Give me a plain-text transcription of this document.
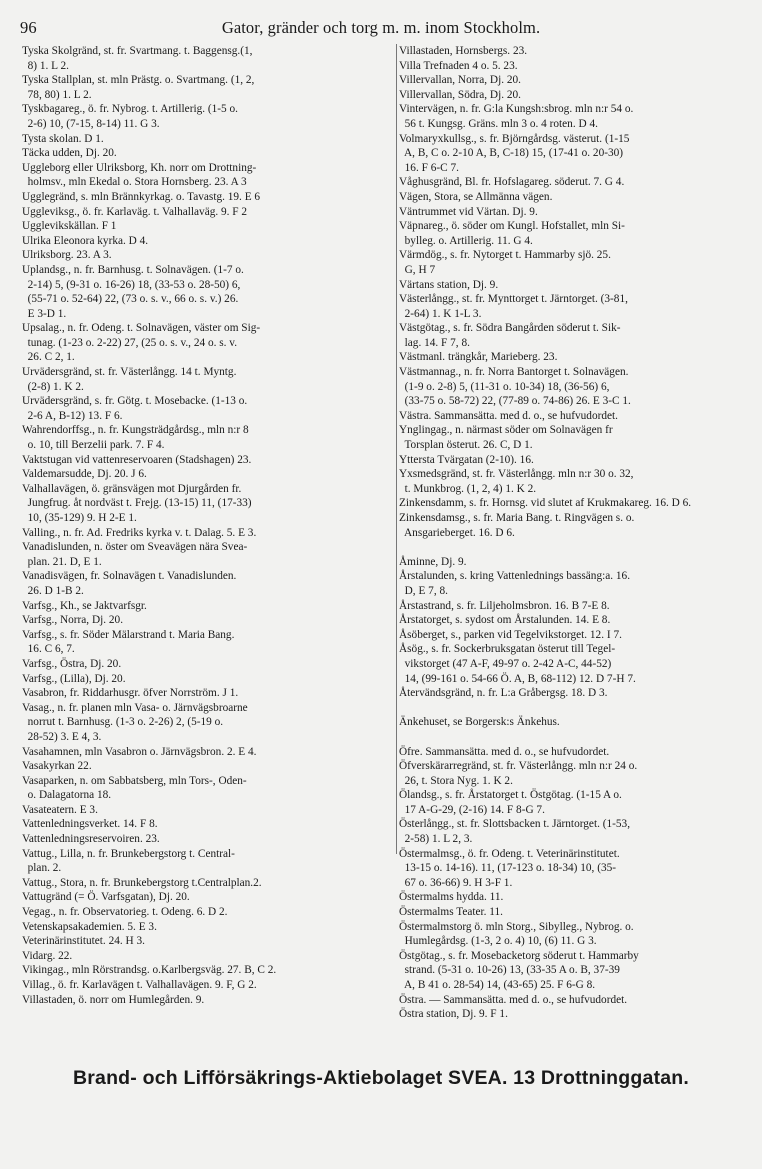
96	Gator, gränder och torg m. m. inom Stockholm.
Tyska Skolgränd, st. fr. Svartmang. t. Baggensg.(1,
8) 1. L 2.
Tyska Stallplan, st. mln Prästg. o. Svartmang. (1, 2,
78, 80) 1. L 2.
Tyskbagareg., ö. fr. Nybrog. t. Artillerig. (1-5 o.
2-6) 10, (7-15, 8-14) 11. G 3.
Tysta skolan. D 1.
Täcka udden, Dj. 20.
Uggleborg eller Ulriksborg, Kh. norr om Drottning-
holmsv., mln Ekedal o. Stora Hornsberg. 23. A 3
Ugglegränd, s. mln Brännkyrkag. o. Tavastg. 19. E 6
Uggleviksg., ö. fr. Karlaväg. t. Valhallaväg. 9. F 2
Ugglevikskällan. F 1
Ulrika Eleonora kyrka. D 4.
Ulriksborg. 23. A 3.
Uplandsg., n. fr. Barnhusg. t. Solnavägen. (1-7 o.
2-14) 5, (9-31 o. 16-26) 18, (33-53 o. 28-50) 6,
(55-71 o. 52-64) 22, (73 o. s. v., 66 o. s. v.) 26.
E 3-D 1.
Upsalag., n. fr. Odeng. t. Solnavägen, väster om Sig-
tunag. (1-23 o. 2-22) 27, (25 o. s. v., 24 o. s. v.
26. C 2, 1.
Urvädersgränd, st. fr. Västerlångg. 14 t. Myntg.
(2-8) 1. K 2.
Urvädersgränd, s. fr. Götg. t. Mosebacke. (1-13 o.
2-6 A, B-12) 13. F 6.
Wahrendorffsg., n. fr. Kungsträdgårdsg., mln n:r 8
o. 10, till Berzelii park. 7. F 4.
Vaktstugan vid vattenreservoaren (Stadshagen) 23.
Valdemarsudde, Dj. 20. J 6.
Valhallavägen, ö. gränsvägen mot Djurgården fr.
Jungfrug. åt nordväst t. Frejg. (13-15) 11, (17-33)
10, (35-129) 9. H 2-E 1.
Valling., n. fr. Ad. Fredriks kyrka v. t. Dalag. 5. E 3.
Vanadislunden, n. öster om Sveavägen nära Svea-
plan. 21. D, E 1.
Vanadisvägen, fr. Solnavägen t. Vanadislunden.
26. D 1-B 2.
Varfsg., Kh., se Jaktvarfsgr.
Varfsg., Norra, Dj. 20.
Varfsg., s. fr. Söder Mälarstrand t. Maria Bang.
16. C 6, 7.
Varfsg., Östra, Dj. 20.
Varfsg., (Lilla), Dj. 20.
Vasabron, fr. Riddarhusgr. öfver Norrström. J 1.
Vasag., n. fr. planen mln Vasa- o. Järnvägsbroarne
norrut t. Barnhusg. (1-3 o. 2-26) 2, (5-19 o.
28-52) 3. E 4, 3.
Vasahamnen, mln Vasabron o. Järnvägsbron. 2. E 4.
Vasakyrkan 22.
Vasaparken, n. om Sabbatsberg, mln Tors-, Oden-
o. Dalagatorna 18.
Vasateatern. E 3.
Vattenledningsverket. 14. F 8.
Vattenledningsreservoiren. 23.
Vattug., Lilla, n. fr. Brunkebergstorg t. Central-
plan. 2.
Vattug., Stora, n. fr. Brunkebergstorg t.Centralplan.2.
Vattugränd (= Ö. Varfsgatan), Dj. 20.
Vegag., n. fr. Observatorieg. t. Odeng. 6. D 2.
Vetenskapsakademien. 5. E 3.
Veterinärinstitutet. 24. H 3.
Vidarg. 22.
Vikingag., mln Rörstrandsg. o.Karlbergsväg. 27. B, C 2.
Villag., ö. fr. Karlavägen t. Valhallavägen. 9. F, G 2.
Villastaden, ö. norr om Humlegården. 9.
Villastaden, Hornsbergs. 23.
Villa Trefnaden 4 o. 5. 23.
Villervallan, Norra, Dj. 20.
Villervallan, Södra, Dj. 20.
Vintervägen, n. fr. G:la Kungsh:sbrog. mln n:r 54 o.
56 t. Kungsg. Gräns. mln 3 o. 4 roten. D 4.
Volmaryxkullsg., s. fr. Björngårdsg. västerut. (1-15
A, B, C o. 2-10 A, B, C-18) 15, (17-41 o. 20-30)
16. F 6-C 7.
Våghusgränd, Bl. fr. Hofslagareg. söderut. 7. G 4.
Vägen, Stora, se Allmänna vägen.
Väntrummet vid Värtan. Dj. 9.
Väpnareg., ö. söder om Kungl. Hofstallet, mln Si-
bylleg. o. Artillerig. 11. G 4.
Värmdög., s. fr. Nytorget t. Hammarby sjö. 25.
G, H 7
Värtans station, Dj. 9.
Västerlångg., st. fr. Mynttorget t. Järntorget. (3-81,
2-64) 1. K 1-L 3.
Västgötag., s. fr. Södra Bangården söderut t. Sik-
lag. 14. F 7, 8.
Västmanl. trängkår, Marieberg. 23.
Västmannag., n. fr. Norra Bantorget t. Solnavägen.
(1-9 o. 2-8) 5, (11-31 o. 10-34) 18, (36-56) 6,
(33-75 o. 58-72) 22, (77-89 o. 74-86) 26. E 3-C 1.
Västra. Sammansätta. med d. o., se hufvudordet.
Ynglingag., n. närmast söder om Solnavägen fr
Torsplan österut. 26. C, D 1.
Yttersta Tvärgatan (2-10). 16.
Yxsmedsgränd, st. fr. Västerlångg. mln n:r 30 o. 32,
t. Munkbrog. (1, 2, 4) 1. K 2.
Zinkensdamm, s. fr. Hornsg. vid slutet af Krukmakareg. 16. D 6.
Zinkensdamsg., s. fr. Maria Bang. t. Ringvägen s. o.
Ansgarieberget. 16. D 6.
Åminne, Dj. 9.
Årstalunden, s. kring Vattenlednings bassäng:a. 16.
D, E 7, 8.
Årstastrand, s. fr. Liljeholmsbron. 16. B 7-E 8.
Årstatorget, s. sydost om Årstalunden. 14. E 8.
Åsöberget, s., parken vid Tegelvikstorget. 12. I 7.
Åsög., s. fr. Sockerbruksgatan österut till Tegel-
vikstorget (47 A-F, 49-97 o. 2-42 A-C, 44-52)
14, (99-161 o. 54-66 Ö. A, B, 68-112) 12. D 7-H 7.
Återvändsgränd, n. fr. L:a Gråbergsg. 18. D 3.
Änkehuset, se Borgersk:s Änkehus.
Öfre. Sammansätta. med d. o., se hufvudordet.
Öfverskärarregränd, st. fr. Västerlångg. mln n:r 24 o.
26, t. Stora Nyg. 1. K 2.
Ölandsg., s. fr. Årstatorget t. Östgötag. (1-15 A o.
17 A-G-29, (2-16) 14. F 8-G 7.
Österlångg., st. fr. Slottsbacken t. Järntorget. (1-53,
2-58) 1. L 2, 3.
Östermalmsg., ö. fr. Odeng. t. Veterinärinstitutet.
13-15 o. 14-16). 11, (17-123 o. 18-34) 10, (35-
67 o. 36-66) 9. H 3-F 1.
Östermalms hydda. 11.
Östermalms Teater. 11.
Östermalmstorg ö. mln Storg., Sibylleg., Nybrog. o.
Humlegårdsg. (1-3, 2 o. 4) 10, (6) 11. G 3.
Östgötag., s. fr. Mosebacketorg söderut t. Hammarby
strand. (5-31 o. 10-26) 13, (33-35 A o. B, 37-39
A, B 41 o. 28-54) 14, (43-65) 25. F 6-G 8.
Östra. — Sammansätta. med d. o., se hufvudordet.
Östra station, Dj. 9. F 1.
Brand- och Lifförsäkrings-Aktiebolaget SVEA. 13 Drottninggatan.
